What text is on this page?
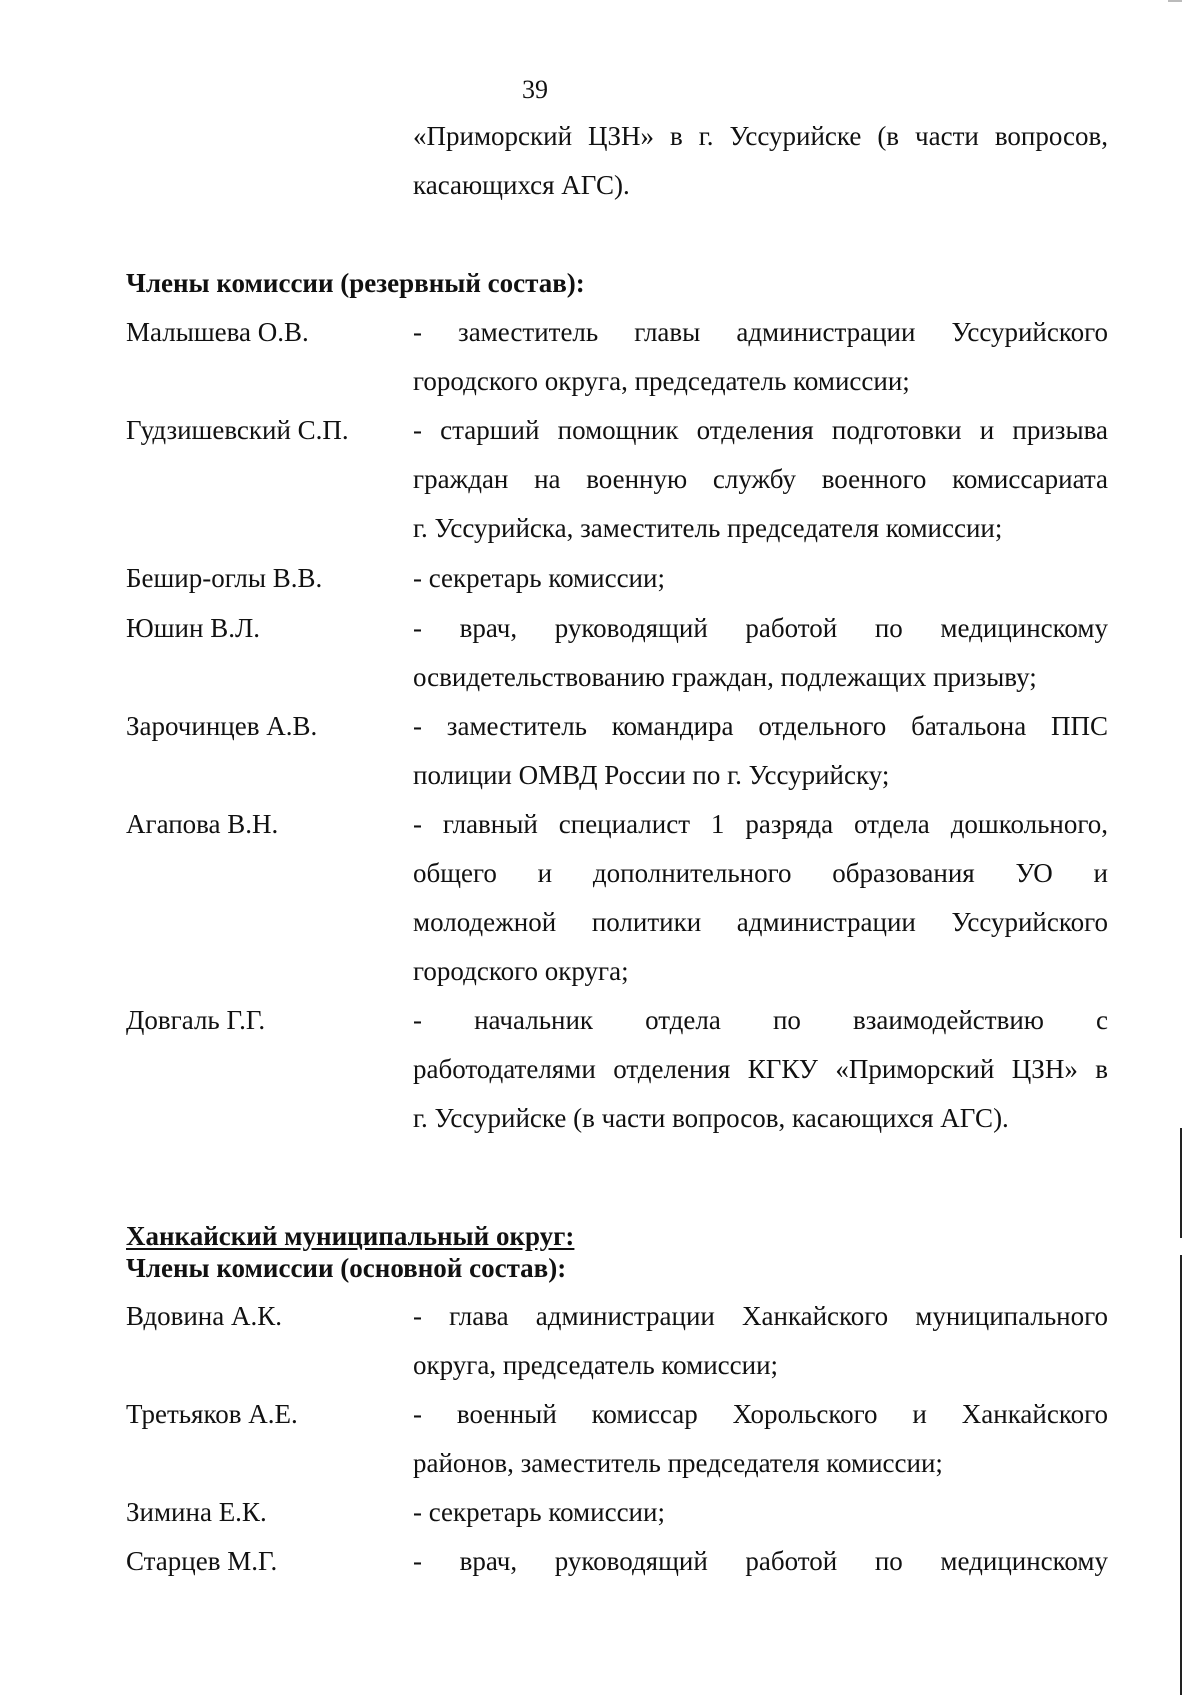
39
«Приморский ЦЗН» в г. Уссурийске (в части вопросов,
касающихся АГС).
Члены комиссии (резервный состав):
Малышева О.В.	- заместитель главы администрации Уссурийского
городского округа, председатель комиссии;
Гудзишевский С.П. - старший помощник отделения подготовки и призыва
граждан на военную службу военного комиссариата
г. Уссурийска, заместитель председателя комиссии;
Бешир-оглы В.В.	- секретарь комиссии;
Юшин В.Л.	- врач, руководящий работой по медицинскому
освидетельствованию граждан, подлежащих призыву;
Зарочинцев А.В.	- заместитель командира отдельного батальона ППС
полиции ОМВД России по г. Уссурийску;
Агапова В.Н.	- главный специалист 1 разряда отдела дошкольного,
общего и дополнительного образования УО и
молодежной политики администрации Уссурийского
городского округа;
Довгаль Г.Г.	- начальник отдела по взаимодействию с
работодателями отделения КГКУ «Приморский ЦЗН» в
г. Уссурийске (в части вопросов, касающихся АГС).
Ханкайский муниципальный округ:
Члены комиссии (основной состав):
Вдовина А.К.	- глава администрации Ханкайского муниципального
округа, председатель комиссии;
Третьяков А.Е.	- военный комиссар Хорольского и Ханкайского
районов, заместитель председателя комиссии;
Зимина Е.К.	- секретарь комиссии;
Старцев М.Г.	- врач, руководящий работой по медицинскому
